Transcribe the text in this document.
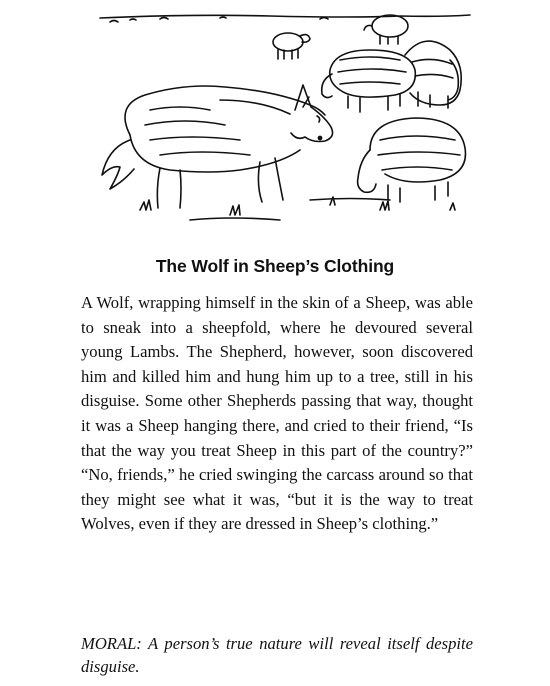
The Wolf in Sheep’s Clothing

A Wolf, wrapping himself in the skin of a Sheep, was able to sneak into a sheepfold, where he devoured several young Lambs. The Shepherd, however, soon discovered him and killed him and hung him up to a tree, still in his disguise. Some other Shepherds passing that way, thought it was a Sheep hanging there, and cried to their friend, “Is that the way you treat Sheep in this part of the country?” “No, friends,” he cried swinging the carcass around so that they might see what it was, “but it is the way to treat Wolves, even if they are dressed in Sheep’s clothing.”

MORAL: A person’s true nature will reveal itself despite disguise.
